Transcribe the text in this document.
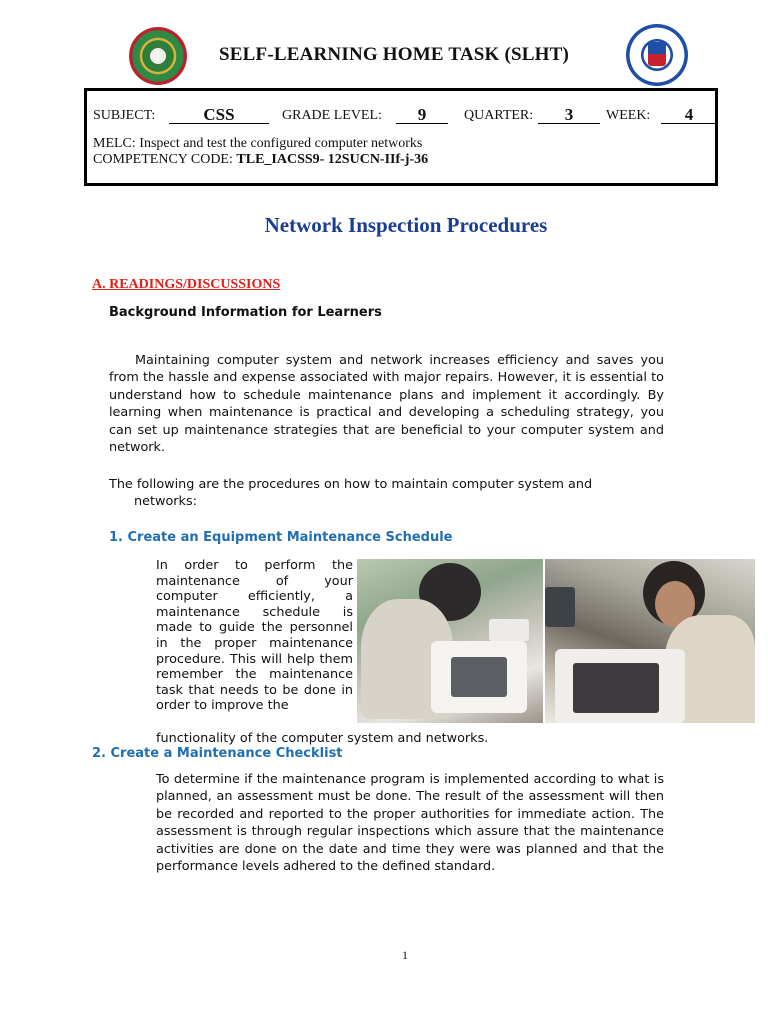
SELF-LEARNING HOME TASK (SLHT)
SUBJECT:	CSS	GRADE LEVEL:	9	QUARTER:	3	WEEK:	4
MELC: Inspect and test the configured computer networks
COMPETENCY CODE: TLE_IACSS9- 12SUCN-IIf-j-36
Network Inspection Procedures
A. READINGS/DISCUSSIONS
Background Information for Learners
Maintaining computer system and network increases efficiency and saves you from the hassle and expense associated with major repairs. However, it is essential to understand how to schedule maintenance plans and implement it accordingly. By learning when maintenance is practical and developing a scheduling strategy, you can set up maintenance strategies that are beneficial to your computer system and network.

The following are the procedures on how to maintain computer system and

networks:

1. Create an Equipment Maintenance Schedule
In order to perform the maintenance of your computer efficiently, a maintenance schedule is made to guide the personnel in the proper maintenance procedure. This will help them remember the maintenance task that needs to be done in order to improve the
functionality of the computer system and networks.
2. Create a Maintenance Checklist
To determine if the maintenance program is implemented according to what is planned, an assessment must be done. The result of the assessment will then be recorded and reported to the proper authorities for immediate action. The assessment is through regular inspections which assure that the maintenance activities are done on the date and time they were was planned and that the performance levels adhered to the defined standard.
1
